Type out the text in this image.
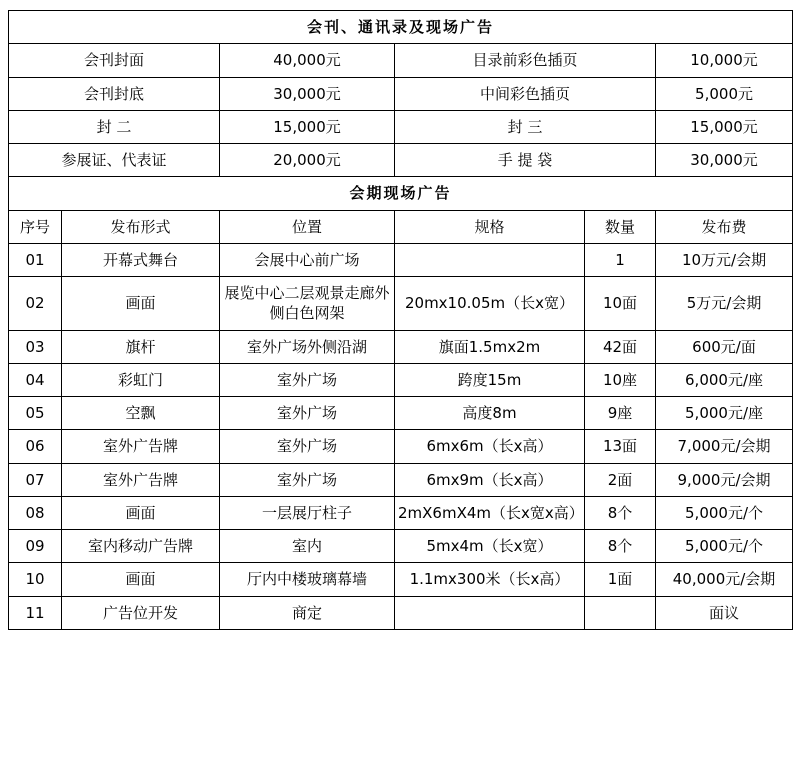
会刊、通讯录及现场广告					
会刊封面		40,000元	目录前彩色插页		10,000元
会刊封底		30,000元	中间彩色插页		5,000元
封 二		15,000元	封 三		15,000元
参展证、代表证		20,000元	手 提 袋		30,000元
会期现场广告					
序号	发布形式	位置	规格	数量	发布费
01	开幕式舞台	会展中心前广场		1	10万元/会期
02	画面	展览中心二层观景走廊外侧白色网架	20mx10.05m（长x宽）	10面	5万元/会期
03	旗杆	室外广场外侧沿湖	旗面1.5mx2m	42面	600元/面
04	彩虹门	室外广场	跨度15m	10座	6,000元/座
05	空飘	室外广场	高度8m	9座	5,000元/座
06	室外广告牌	室外广场	6mx6m（长x高）	13面	7,000元/会期
07	室外广告牌	室外广场	6mx9m（长x高）	2面	9,000元/会期
08	画面	一层展厅柱子	2mX6mX4m（长x宽x高）	8个	5,000元/个
09	室内移动广告牌	室内	5mx4m（长x宽）	8个	5,000元/个
10	画面	厅内中楼玻璃幕墙	1.1mx300米（长x高）	1面	40,000元/会期
11	广告位开发	商定			面议
